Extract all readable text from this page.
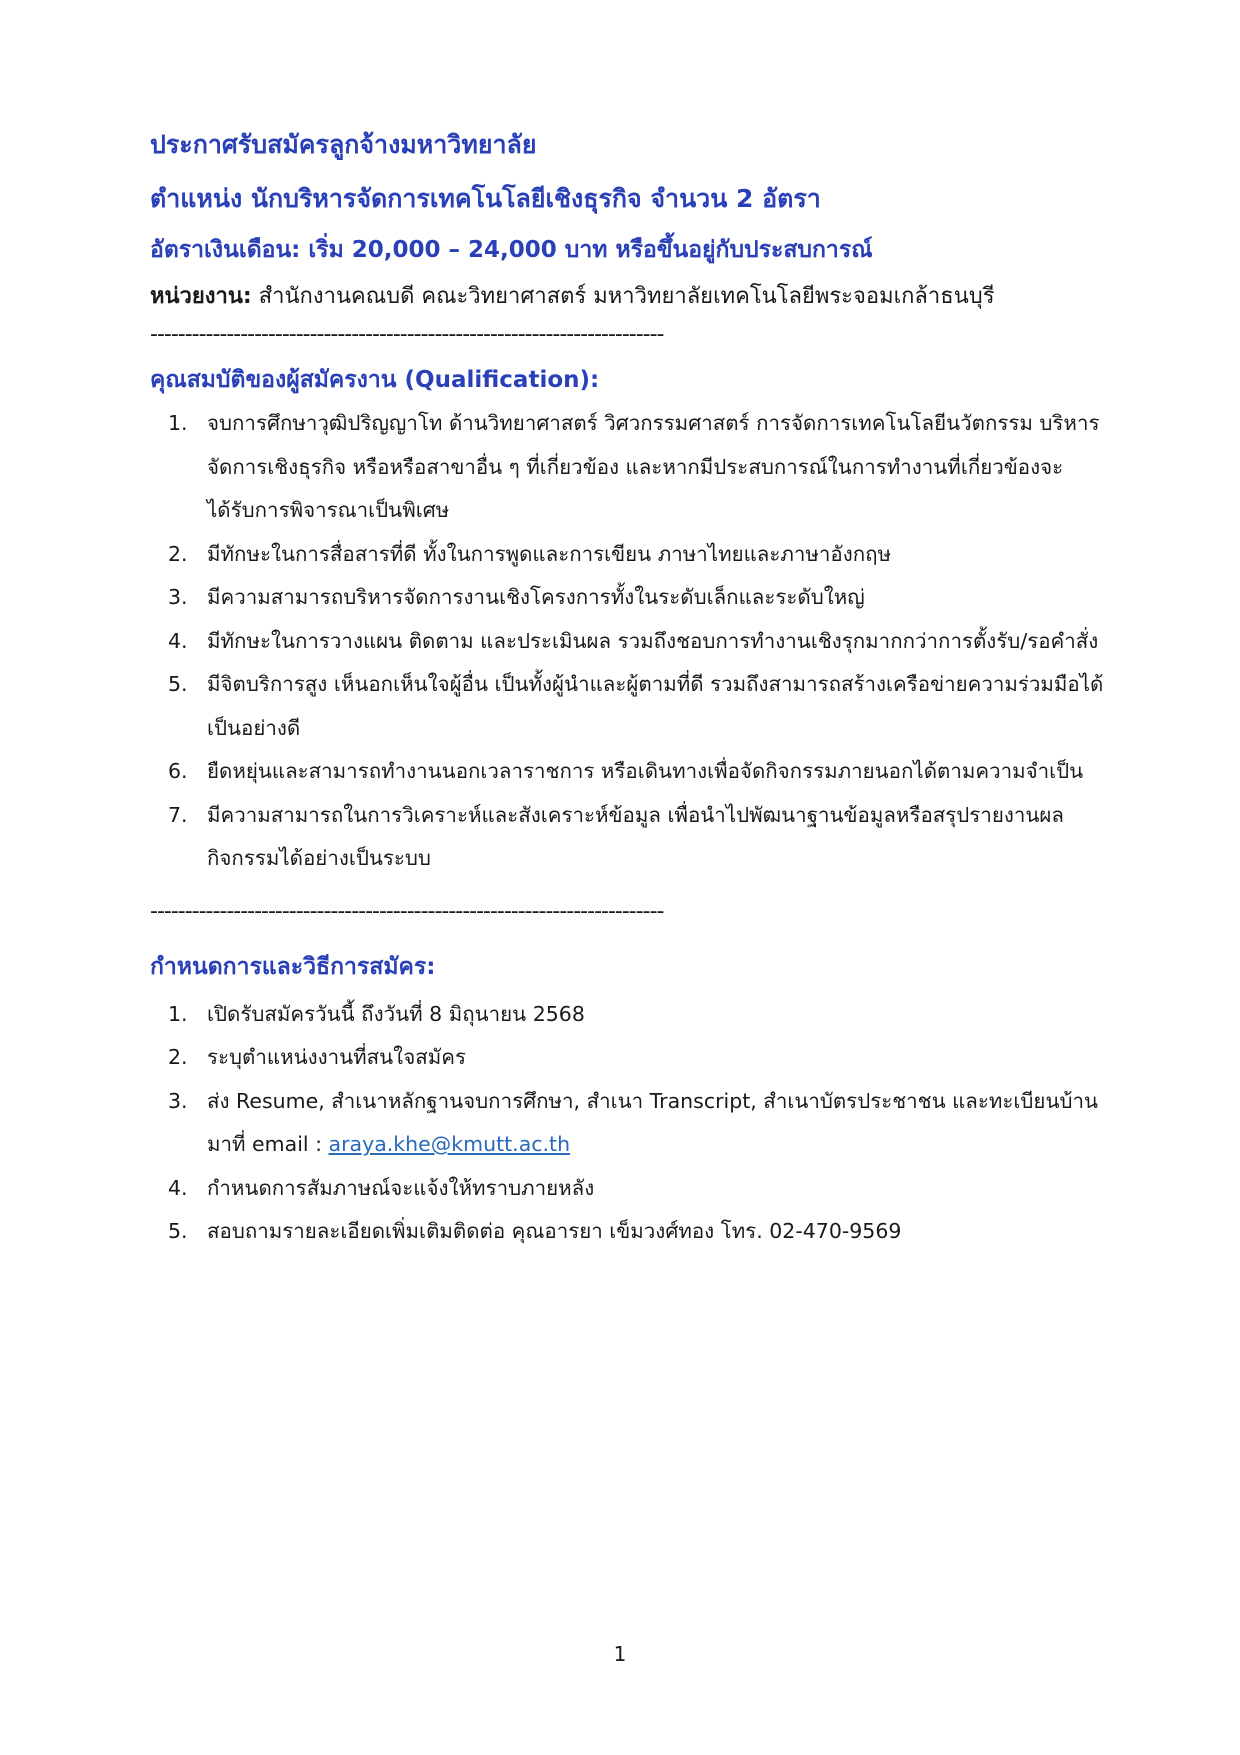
ประกาศรับสมัครลูกจ้างมหาวิทยาลัย

ตำแหน่ง นักบริหารจัดการเทคโนโลยีเชิงธุรกิจ จำนวน 2 อัตรา

อัตราเงินเดือน: เริ่ม 20,000 – 24,000 บาท หรือขึ้นอยู่กับประสบการณ์

หน่วยงาน: สำนักงานคณบดี คณะวิทยาศาสตร์ มหาวิทยาลัยเทคโนโลยีพระจอมเกล้าธนบุรี

--------------------------------------------------------------------------

คุณสมบัติของผู้สมัครงาน (Qualification):

1. จบการศึกษาวุฒิปริญญาโท ด้านวิทยาศาสตร์ วิศวกรรมศาสตร์ การจัดการเทคโนโลยีนวัตกรรม บริหาร
จัดการเชิงธุรกิจ หรือหรือสาขาอื่น ๆ ที่เกี่ยวข้อง และหากมีประสบการณ์ในการทำงานที่เกี่ยวข้องจะ
ได้รับการพิจารณาเป็นพิเศษ
2. มีทักษะในการสื่อสารที่ดี ทั้งในการพูดและการเขียน ภาษาไทยและภาษาอังกฤษ
3. มีความสามารถบริหารจัดการงานเชิงโครงการทั้งในระดับเล็กและระดับใหญ่
4. มีทักษะในการวางแผน ติดตาม และประเมินผล รวมถึงชอบการทำงานเชิงรุกมากกว่าการตั้งรับ/รอคำสั่ง
5. มีจิตบริการสูง เห็นอกเห็นใจผู้อื่น เป็นทั้งผู้นำและผู้ตามที่ดี รวมถึงสามารถสร้างเครือข่ายความร่วมมือได้
เป็นอย่างดี
6. ยืดหยุ่นและสามารถทำงานนอกเวลาราชการ หรือเดินทางเพื่อจัดกิจกรรมภายนอกได้ตามความจำเป็น
7. มีความสามารถในการวิเคราะห์และสังเคราะห์ข้อมูล เพื่อนำไปพัฒนาฐานข้อมูลหรือสรุปรายงานผล
กิจกรรมได้อย่างเป็นระบบ

--------------------------------------------------------------------------

กำหนดการและวิธีการสมัคร:

1. เปิดรับสมัครวันนี้ ถึงวันที่ 8 มิถุนายน 2568
2. ระบุตำแหน่งงานที่สนใจสมัคร
3. ส่ง Resume, สำเนาหลักฐานจบการศึกษา, สำเนา Transcript, สำเนาบัตรประชาชน และทะเบียนบ้าน
มาที่ email : araya.khe@kmutt.ac.th
4. กำหนดการสัมภาษณ์จะแจ้งให้ทราบภายหลัง
5. สอบถามรายละเอียดเพิ่มเติมติดต่อ คุณอารยา เข็มวงศ์ทอง โทร. 02-470-9569
1
